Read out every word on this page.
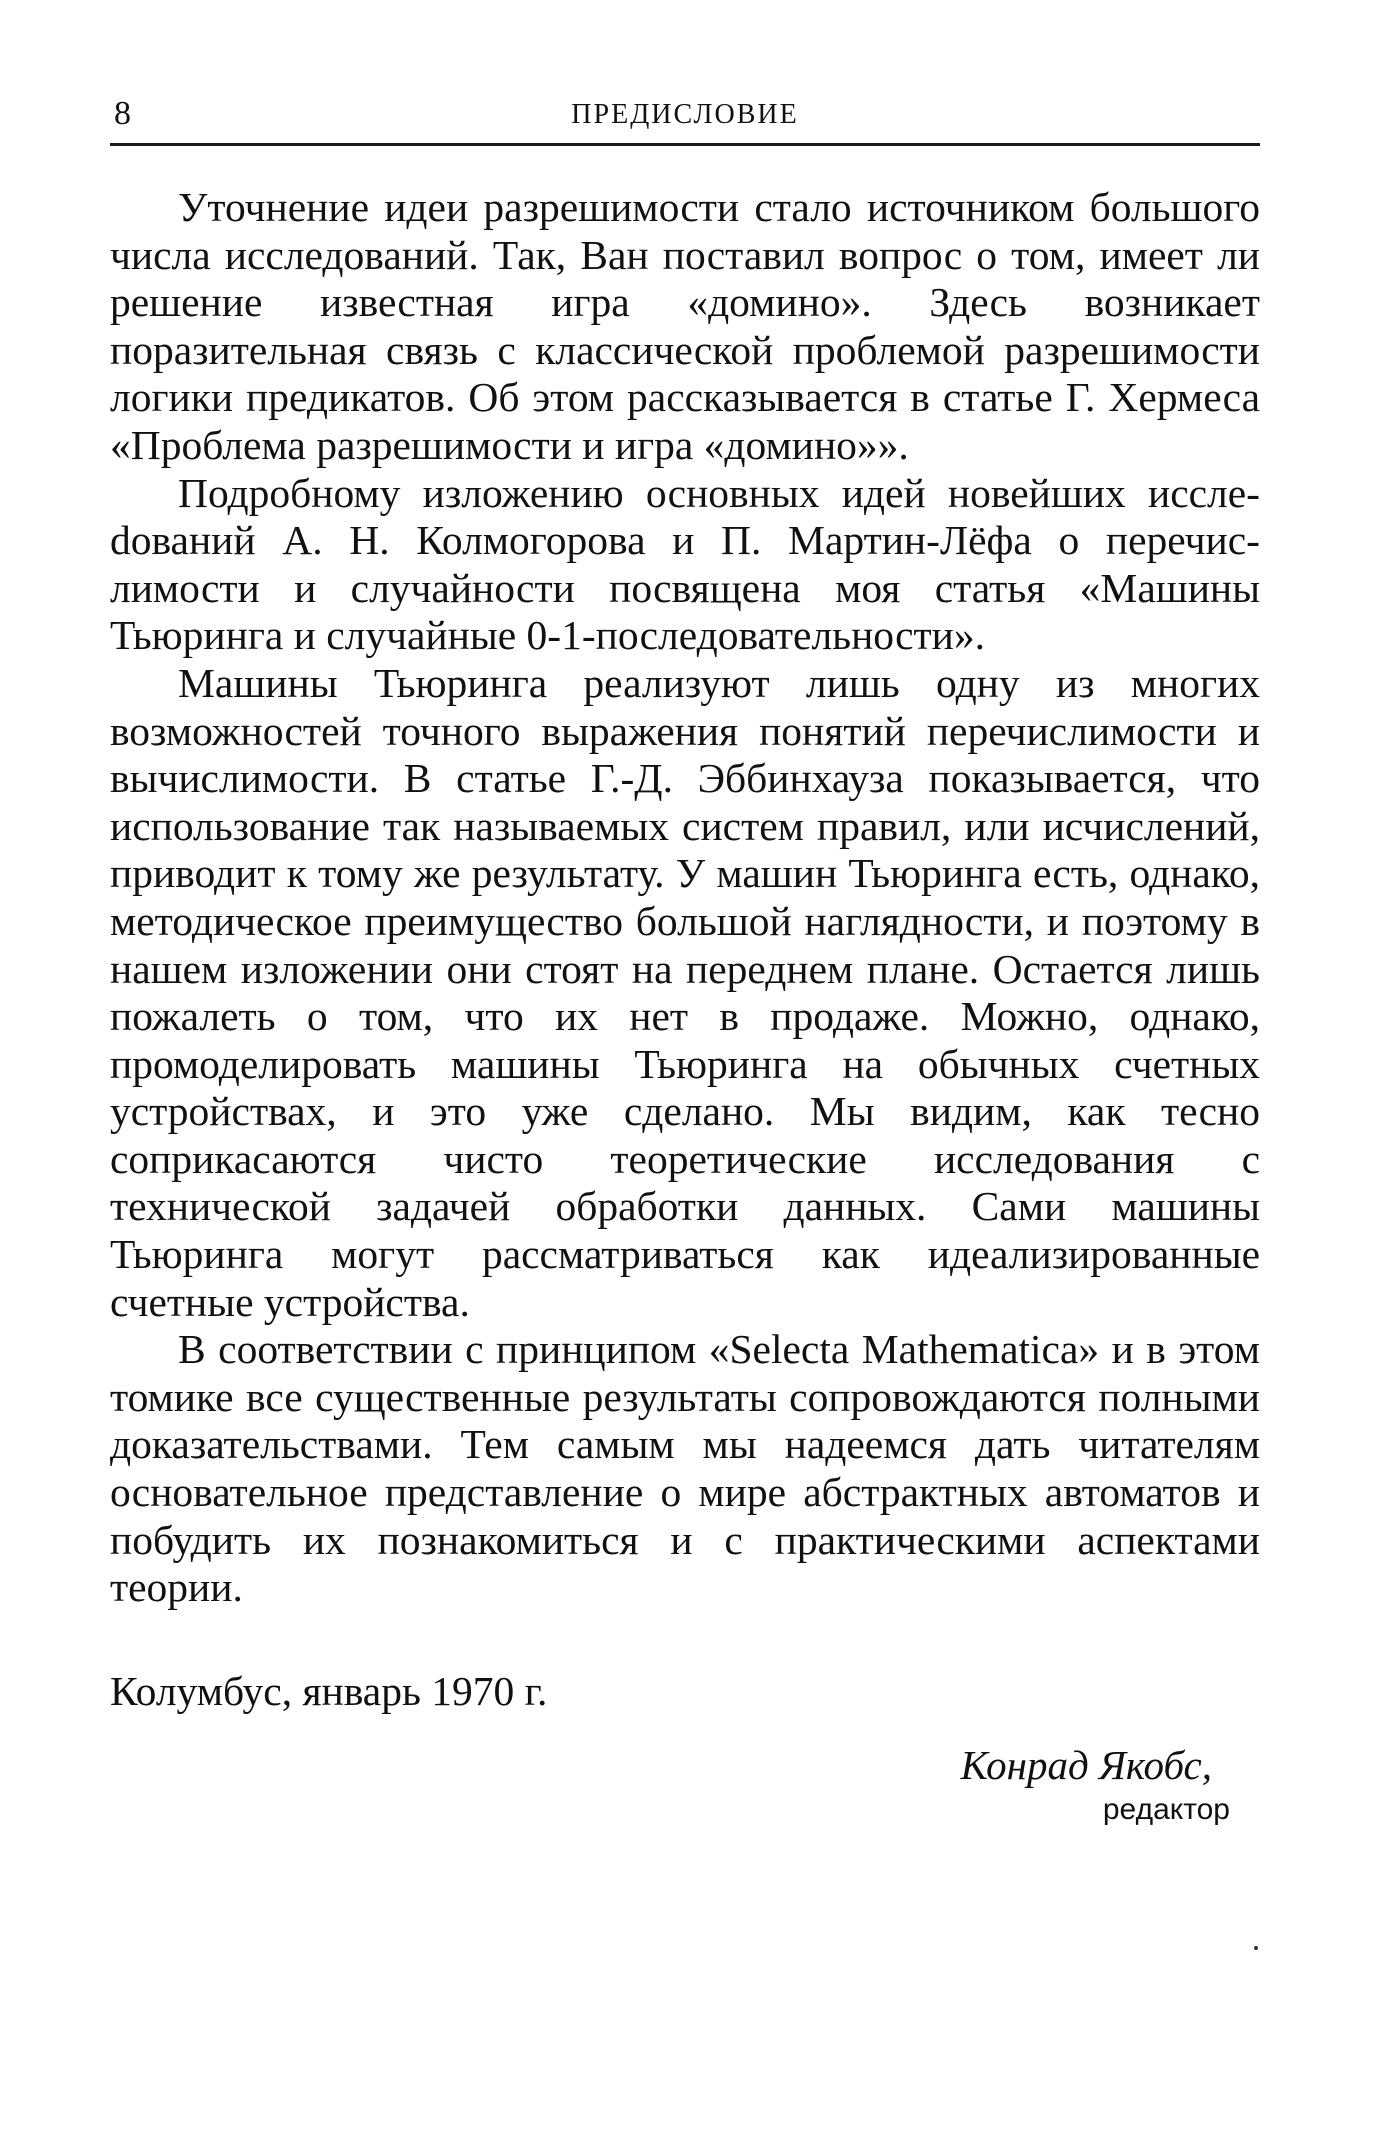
8	ПРЕДИСЛОВИЕ

Уточнение идеи разрешимости стало источником большого числа исследований. Так, Ван поставил вопрос о том, имеет ли решение известная игра «домино». Здесь возникает поразительная связь с классической проблемой разрешимости логики предикатов. Об этом рассказывается в статье Г. Хермеса «Проблема разрешимости и игра «домино»».

Подробному изложению основных идей новейших исслеdований А. Н. Колмогорова и П. Мартин-Лёфа о перечислимости и случайности посвящена моя статья «Машины Тьюринга и случайные 0-1-последовательности».

Машины Тьюринга реализуют лишь одну из многих возможностей точного выражения понятий перечислимости и вычислимости. В статье Г.-Д. Эббинхауза показывается, что использование так называемых систем правил, или исчислений, приводит к тому же результату. У машин Тьюринга есть, однако, методическое преимущество большой наглядности, и поэтому в нашем изложении они стоят на переднем плане. Остается лишь пожалеть о том, что их нет в продаже. Можно, однако, промоделировать машины Тьюринга на обычных счетных устройствах, и это уже сделано. Мы видим, как тесно соприкасаются чисто теоретические исследования с технической задачей обработки данных. Сами машины Тьюринга могут рассматриваться как идеализированные счетные устройства.

В соответствии с принципом «Selecta Mathematica» и в этом томике все существенные результаты сопровождаются полными доказательствами. Тем самым мы надеемся дать читателям основательное представление о мире абстрактных автоматов и побудить их познакомиться и с практическими аспектами теории.

Колумбус, январь 1970 г.
Конрад Якобс,
редактор
